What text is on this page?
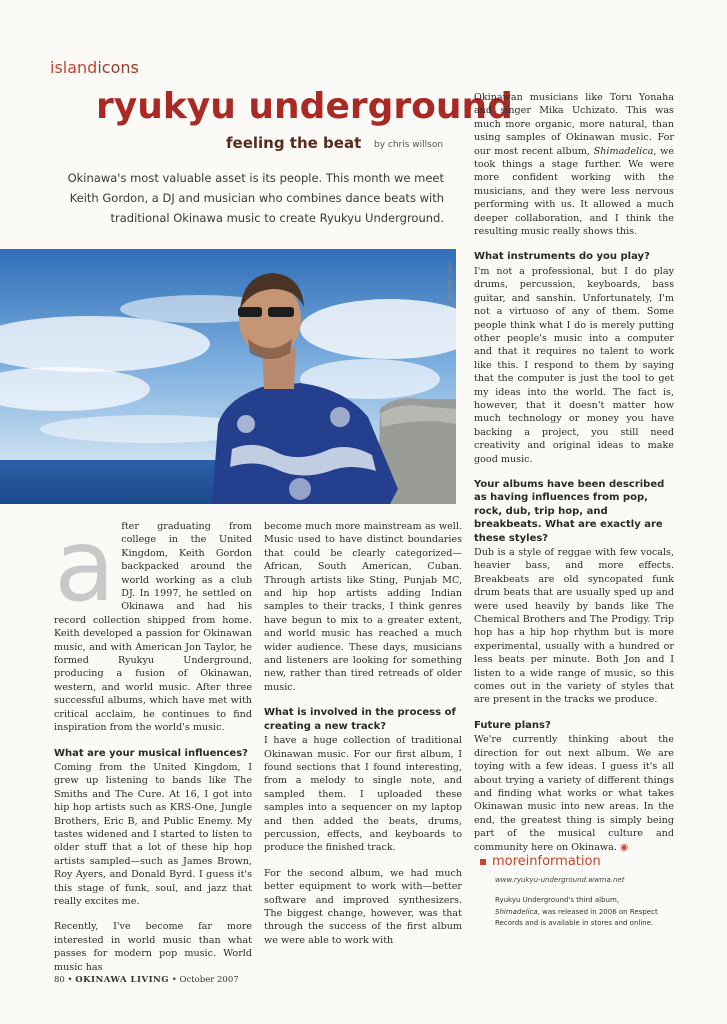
islandicons
ryukyu underground
feeling the beat by chris willson
Okinawa's most valuable asset is its people. This month we meet Keith Gordon, a DJ and musician who combines dance beats with traditional Okinawa music to create Ryukyu Underground.
CHRIS WILLSON

after graduating from college in the United Kingdom, Keith Gordon backpacked around the world working as a club DJ. In 1997, he settled on Okinawa and had his record collection shipped from home. Keith developed a passion for Okinawan music, and with American Jon Taylor, he formed Ryukyu Underground, producing a fusion of Okinawan, western, and world music. After three successful albums, which have met with critical acclaim, he continues to find inspiration from the world's music.

What are your musical influences?

Coming from the United Kingdom, I grew up listening to bands like The Smiths and The Cure. At 16, I got into hip hop artists such as KRS-One, Jungle Brothers, Eric B, and Public Enemy. My tastes widened and I started to listen to older stuff that a lot of these hip hop artists sampled—such as James Brown, Roy Ayers, and Donald Byrd. I guess it's this stage of funk, soul, and jazz that really excites me.

Recently, I've become far more interested in world music than what passes for modern pop music. World music has

become much more mainstream as well. Music used to have distinct boundaries that could be clearly categorized—African, South American, Cuban. Through artists like Sting, Punjab MC, and hip hop artists adding Indian samples to their tracks, I think genres have begun to mix to a greater extent, and world music has reached a much wider audience. These days, musicians and listeners are looking for something new, rather than tired retreads of older music.

What is involved in the process of creating a new track?

I have a huge collection of traditional Okinawan music. For our first album, I found sections that I found interesting, from a melody to single note, and sampled them. I uploaded these samples into a sequencer on my laptop and then added the beats, drums, percussion, effects, and keyboards to produce the finished track.

For the second album, we had much better equipment to work with—better software and improved synthesizers. The biggest change, however, was that through the success of the first album we were able to work with

Okinawan musicians like Toru Yonaha and singer Mika Uchizato. This was much more organic, more natural, than using samples of Okinawan music. For our most recent album, Shimadelica, we took things a stage further. We were more confident working with the musicians, and they were less nervous performing with us. It allowed a much deeper collaboration, and I think the resulting music really shows this.

What instruments do you play?

I'm not a professional, but I do play drums, percussion, keyboards, bass guitar, and sanshin. Unfortunately, I'm not a virtuoso of any of them. Some people think what I do is merely putting other people's music into a computer and that it requires no talent to work like this. I respond to them by saying that the computer is just the tool to get my ideas into the world. The fact is, however, that it doesn't matter how much technology or money you have backing a project, you still need creativity and original ideas to make good music.

Your albums have been described as having influences from pop, rock, dub, trip hop, and breakbeats. What are exactly are these styles?

Dub is a style of reggae with few vocals, heavier bass, and more effects. Breakbeats are old syncopated funk drum beats that are usually sped up and were used heavily by bands like The Chemical Brothers and The Prodigy. Trip hop has a hip hop rhythm but is more experimental, usually with a hundred or less beats per minute. Both Jon and I listen to a wide range of music, so this comes out in the variety of styles that are present in the tracks we produce.

Future plans?

We're currently thinking about the direction for out next album. We are toying with a few ideas. I guess it's all about trying a variety of different things and finding what works or what takes Okinawan music into new areas. In the end, the greatest thing is simply being part of the musical culture and community here on Okinawa. ◉

moreinformation
www.ryukyu-underground.wwma.net
Ryukyu Underground's third album, Shimadelica, was released in 2006 on Respect Records and is available in stores and online.
80 • OKINAWA LIVING • October 2007
